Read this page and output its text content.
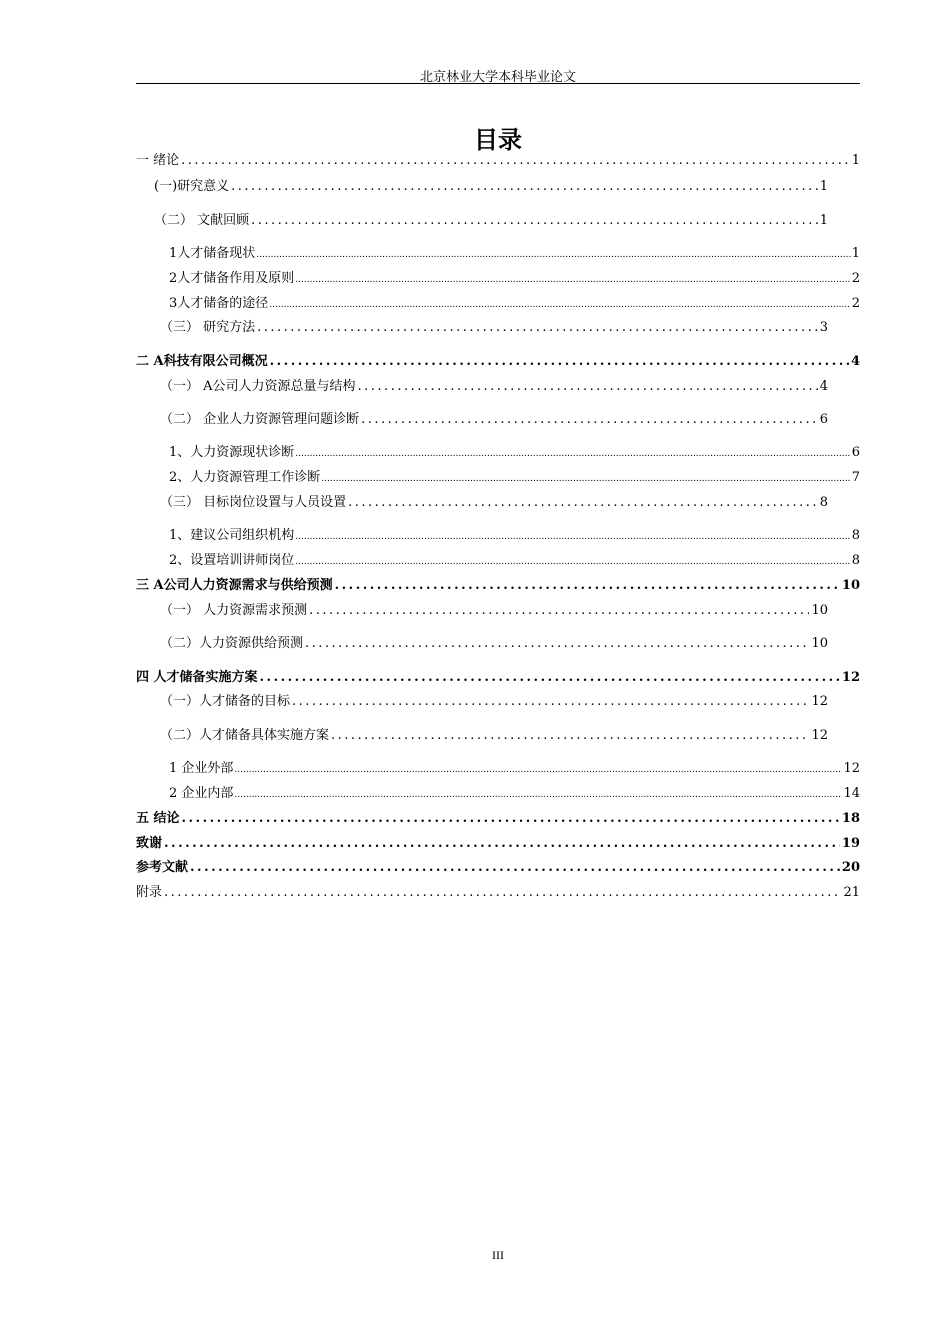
北京林业大学本科毕业论文
目录
一 绪论 .....	1
(一)研究意义 .....	1
（二） 文献回顾 .....	1
1人才储备现状 .....	1
2人才储备作用及原则 .....	2
3人才储备的途径 .....	2
（三） 研究方法 .....	3
二 A科技有限公司概况 .....	4
（一） A公司人力资源总量与结构 .....	4
（二） 企业人力资源管理问题诊断 .....	6
1、人力资源现状诊断 .....	6
2、人力资源管理工作诊断 .....	7
（三） 目标岗位设置与人员设置 .....	8
1、建议公司组织机构 .....	8
2、设置培训讲师岗位 .....	8
三 A公司人力资源需求与供给预测 .....	10
（一） 人力资源需求预测 .....	10
（二）人力资源供给预测 .....	10
四 人才储备实施方案 .....	12
（一）人才储备的目标 .....	12
（二）人才储备具体实施方案 .....	12
1 企业外部 .....	12
2 企业内部 .....	14
五 结论 .....	18
致谢 .....	19
参考文献 .....	20
附录 .....	21
III
